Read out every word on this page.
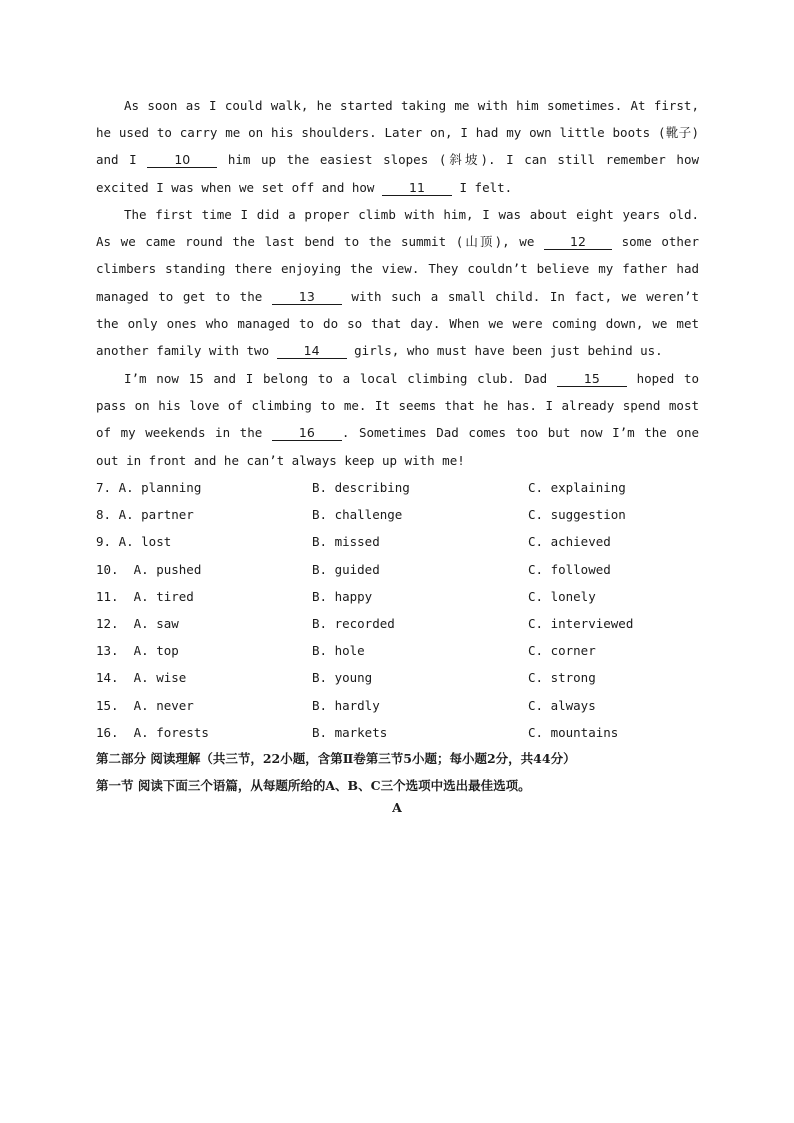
As soon as I could walk, he started taking me with him sometimes. At first, he used to carry me on his shoulders. Later on, I had my own little boots (靴子) and I 10 him up the easiest slopes (斜坡). I can still remember how excited I was when we set off and how 11 I felt.

The first time I did a proper climb with him, I was about eight years old. As we came round the last bend to the summit (山顶), we 12 some other climbers standing there enjoying the view. They couldn’t believe my father had managed to get to the 13 with such a small child. In fact, we weren’t the only ones who managed to do so that day. When we were coming down, we met another family with two 14 girls, who must have been just behind us.

I’m now 15 and I belong to a local climbing club. Dad 15 hoped to pass on his love of climbing to me. It seems that he has. I already spend most of my weekends in the 16 . Sometimes Dad comes too but now I’m the one out in front and he can’t always keep up with me!

7. A. planning	B. describing	C. explaining
8. A. partner	B. challenge	C. suggestion
9. A. lost	B. missed	C. achieved
10.  A. pushed	B. guided	C. followed
11.  A. tired	B. happy	C. lonely
12.  A. saw	B. recorded	C. interviewed
13.  A. top	B. hole	C. corner
14.  A. wise	B. young	C. strong
15.  A. never	B. hardly	C. always
16.  A. forests	B. markets	C. mountains
第二部分 阅读理解（共三节，22小题，含第Ⅱ卷第三节5小题；每小题2分，共44分）
第一节 阅读下面三个语篇，从每题所给的A、B、C三个选项中选出最佳选项。
A
